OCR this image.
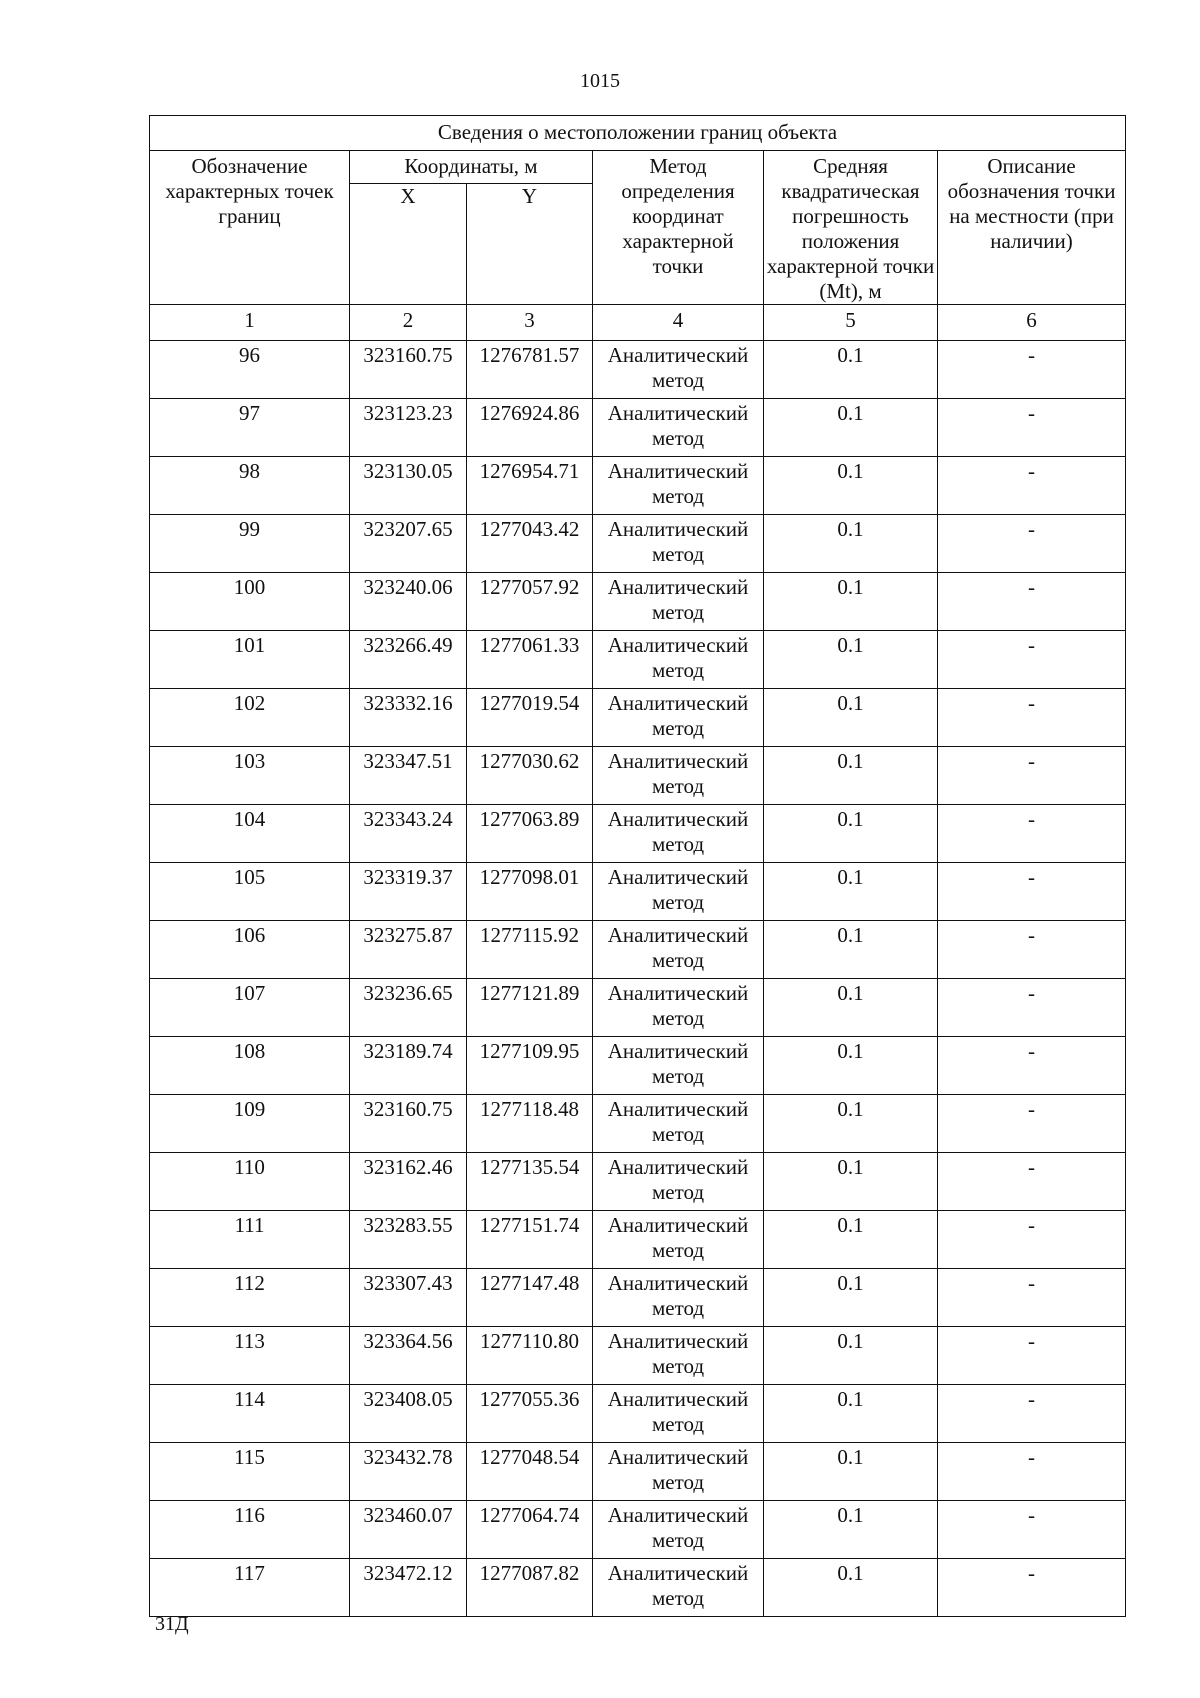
1015
Сведения о местоположении границ объекта					
Обозначение характерных точек границ	Координаты, м		Метод определения координат характерной точки	Средняя квадратическая погрешность положения характерной точки (Mt), м	Описание обозначения точки на местности (при наличии)
	X	Y			
1	2	3	4	5	6
96	323160.75	1276781.57	Аналитический метод	0.1	-
97	323123.23	1276924.86	Аналитический метод	0.1	-
98	323130.05	1276954.71	Аналитический метод	0.1	-
99	323207.65	1277043.42	Аналитический метод	0.1	-
100	323240.06	1277057.92	Аналитический метод	0.1	-
101	323266.49	1277061.33	Аналитический метод	0.1	-
102	323332.16	1277019.54	Аналитический метод	0.1	-
103	323347.51	1277030.62	Аналитический метод	0.1	-
104	323343.24	1277063.89	Аналитический метод	0.1	-
105	323319.37	1277098.01	Аналитический метод	0.1	-
106	323275.87	1277115.92	Аналитический метод	0.1	-
107	323236.65	1277121.89	Аналитический метод	0.1	-
108	323189.74	1277109.95	Аналитический метод	0.1	-
109	323160.75	1277118.48	Аналитический метод	0.1	-
110	323162.46	1277135.54	Аналитический метод	0.1	-
111	323283.55	1277151.74	Аналитический метод	0.1	-
112	323307.43	1277147.48	Аналитический метод	0.1	-
113	323364.56	1277110.80	Аналитический метод	0.1	-
114	323408.05	1277055.36	Аналитический метод	0.1	-
115	323432.78	1277048.54	Аналитический метод	0.1	-
116	323460.07	1277064.74	Аналитический метод	0.1	-
117	323472.12	1277087.82	Аналитический метод	0.1	-
31Д
